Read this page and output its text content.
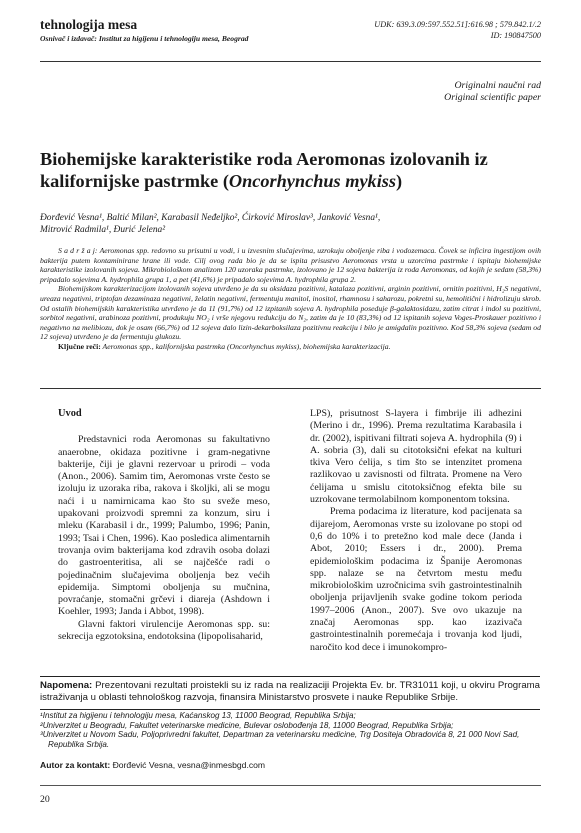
tehnologija mesa
Osnivač i izdavač: Institut za higijenu i tehnologiju mesa, Beograd
UDK: 639.3.09:597.552.51]:616.98 ; 579.842.1/.2
ID: 190847500
Originalni naučni rad
Original scientific paper
Biohemijske karakteristike roda Aeromonas izolovanih iz kalifornijske pastrmke (Oncorhynchus mykiss)
Đorđević Vesna¹, Baltić Milan², Karabasil Neđeljko², Ćirković Miroslav³, Janković Vesna¹,
Mitrović Radmila¹, Đurić Jelena²

S a d r ž a j: Aeromonas spp. redovno su prisutni u vodi, i u izvesnim slučajevima, uzrokuju oboljenje riba i vodozemaca. Čovek se inficira ingestijom ovih bakterija putem kontaminirane hrane ili vode. Cilj ovog rada bio je da se ispita prisustvo Aeromonas vrsta u uzorcima pastrmke i ispitaju biohemijske karakteristike izolovanih sojeva. Mikrobiološkom analizom 120 uzoraka pastrmke, izolovano je 12 sojeva bakterija iz roda Aeromonas, od kojih je sedam (58,3%) pripadalo sojevima A. hydrophila grupa 1, a pet (41,6%) je pripadalo sojevima A. hydrophila grupa 2.

Biohemijskom karakterizacijom izolovanih sojeva utvrđeno je da su oksidaza pozitivni, katalaza pozitivni, arginin pozitivni, ornitin pozitivni, H₂S negativni, ureaza negativni, triptofan dezaminaza negativni, želatin negativni, fermentuju manitol, inositol, rhamnosu i saharozu, pokretni su, hemolitični i hidrolizuju skrob. Od ostalih biohemijskih karakteristika utvrđeno je da 11 (91,7%) od 12 izpitanih sojeva A. hydrophila poseduje β-galaktosidazu, zatim citrat i indol su pozitivni, sorbitol negativni, arabinoza pozitivni, produkuju NO₂ i vrše njegovu redukciju do N₂, zatim da je 10 (83,3%) od 12 ispitanih sojeva Voges-Proskauer pozitivno i negativno na melibiozu, dok je osam (66,7%) od 12 sojeva dalo lizin-dekarboksilaza pozitivnu reakciju i bilo je amigdalin pozitivno. Kod 58,3% sojeva (sedam od 12 sojeva) utvrđeno je da fermentuju glukozu.

Ključne reči: Aeromonas spp., kalifornijska pastrmka (Oncorhynchus mykiss), biohemijska karakterizacija.

Uvod

Predstavnici roda Aeromonas su fakultativno anaerobne, okidaza pozitivne i gram-negativne bakterije, čiji je glavni rezervoar u prirodi – voda (Anon., 2006). Samim tim, Aeromonas vrste često se izoluju iz uzoraka riba, rakova i školjki, ali se mogu naći i u namirnicama kao što su sveže meso, upakovani proizvodi spremni za konzum, siru i mleku (Karabasil i dr., 1999; Palumbo, 1996; Panin, 1993; Tsai i Chen, 1996). Kao posledica alimentarnih trovanja ovim bakterijama kod zdravih osoba dolazi do gastroenteritisa, ali se najčešće radi o pojedinačnim slučajevima oboljenja bez većih epidemija. Simptomi oboljenja su mučnina, povraćanje, stomačni grčevi i diareja (Ashdown i Koehler, 1993; Janda i Abbot, 1998).

Glavni faktori virulencije Aeromonas spp. su: sekrecija egzotoksina, endotoksina (lipopolisaharid,

LPS), prisutnost S-layera i fimbrije ili adhezini (Merino i dr., 1996). Prema rezultatima Karabasila i dr. (2002), ispitivani filtrati sojeva A. hydrophila (9) i A. sobria (3), dali su citotoksični efekat na kulturi tkiva Vero ćelija, s tim što se intenzitet promena razlikovao u zavisnosti od filtrata. Promene na Vero ćelijama u smislu citotoksičnog efekta bile su uzrokovane termolabilnom komponentom toksina.

Prema podacima iz literature, kod pacijenata sa dijarejom, Aeromonas vrste su izolovane po stopi od 0,6 do 10% i to pretežno kod male dece (Janda i Abot, 2010; Essers i dr., 2000). Prema epidemiološkim podacima iz Španije Aeromonas spp. nalaze se na četvrtom mestu među mikrobiološkim uzročnicima svih gastrointestinalnih oboljenja prijavljenih svake godine tokom perioda 1997–2006 (Anon., 2007). Sve ovo ukazuje na značaj Aeromonas spp. kao izazivača gastrointestinalnih poremećaja i trovanja kod ljudi, naročito kod dece i imunokompro-

Napomena: Prezentovani rezultati proistekli su iz rada na realizaciji Projekta Ev. br. TR31011 koji, u okviru Programa istraživanja u oblasti tehnološkog razvoja, finansira Ministarstvo prosvete i nauke Republike Srbije.
¹Institut za higijenu i tehnologiju mesa, Kaćanskog 13, 11000 Beograd, Republika Srbija;
²Univerzitet u Beogradu, Fakultet veterinarske medicine, Bulevar oslobođenja 18, 11000 Beograd, Republika Srbija;
³Univerzitet u Novom Sadu, Poljoprivredni fakultet, Departman za veterinarsku medicine, Trg Dositeja Obradovića 8, 21 000 Novi Sad, Republika Srbija.
Autor za kontakt: Đorđević Vesna, vesna@inmesbgd.com
20
